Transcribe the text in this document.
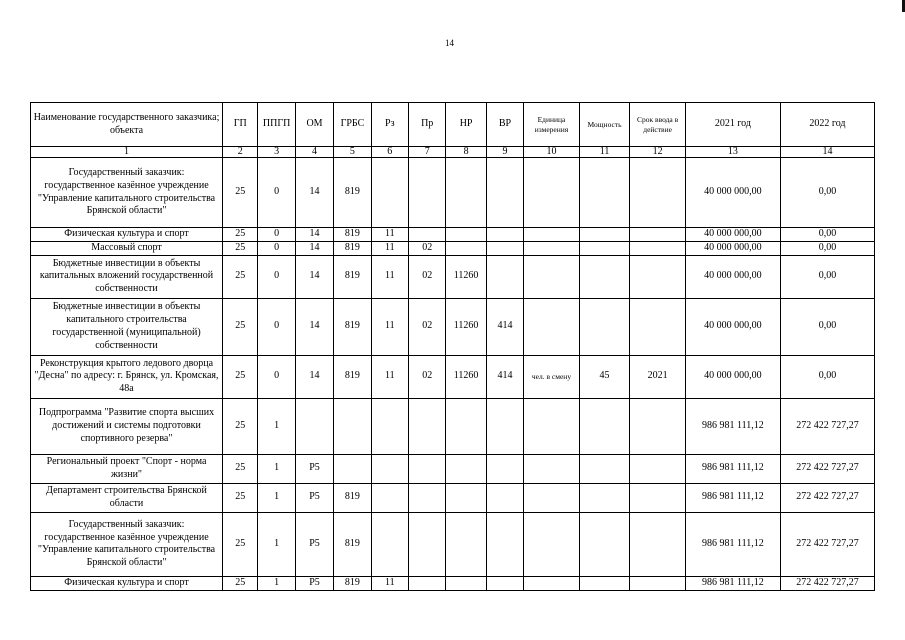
14
Наименование государственного заказчика; объекта	ГП	ППГП	ОМ	ГРБС	Рз	Пр	НР	ВР	Единица измерения	Мощность	Срок ввода в действие	2021 год	2022 год
1	2	3	4	5	6	7	8	9	10	11	12	13	14
Государственный заказчик: государственное казённое учреждение "Управление капитального строительства Брянской области"	25	0	14	819								40 000 000,00	0,00
Физическая культура и спорт	25	0	14	819	11							40 000 000,00	0,00
Массовый спорт	25	0	14	819	11	02						40 000 000,00	0,00
Бюджетные инвестиции в объекты капитальных вложений государственной собственности	25	0	14	819	11	02	11260					40 000 000,00	0,00
Бюджетные инвестиции в объекты капитального строительства государственной (муниципальной) собственности	25	0	14	819	11	02	11260	414				40 000 000,00	0,00
Реконструкция крытого ледового дворца "Десна" по адресу: г. Брянск, ул. Кромская, 48а	25	0	14	819	11	02	11260	414	чел. в смену	45	2021	40 000 000,00	0,00
Подпрограмма "Развитие спорта высших достижений и системы подготовки спортивного резерва"	25	1										986 981 111,12	272 422 727,27
Региональный проект "Спорт - норма жизни"	25	1	P5									986 981 111,12	272 422 727,27
Департамент строительства Брянской области	25	1	P5	819								986 981 111,12	272 422 727,27
Государственный заказчик: государственное казённое учреждение "Управление капитального строительства Брянской области"	25	1	P5	819								986 981 111,12	272 422 727,27
Физическая культура и спорт	25	1	P5	819	11							986 981 111,12	272 422 727,27
